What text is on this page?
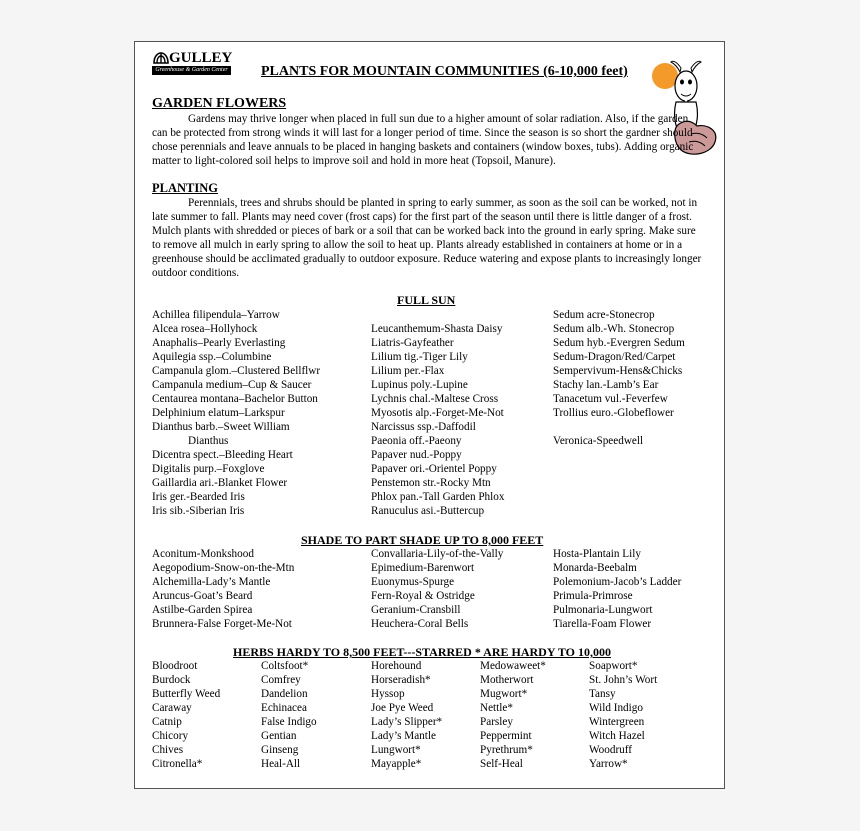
GULLEY
Greenhouse & Garden Center PLANTS FOR MOUNTAIN COMMUNITIES (6-10,000 feet)
GARDEN FLOWERS

Gardens may thrive longer when placed in full sun due to a higher amount of solar radiation. Also, if the garden can be protected from strong winds it will last for a longer period of time. Since the season is so short the gardner should chose perennials and leave annuals to be placed in hanging baskets and containers (window boxes, tubs). Adding organic matter to light-colored soil helps to improve soil and hold in more heat (Topsoil, Manure).

PLANTING

Perennials, trees and shrubs should be planted in spring to early summer, as soon as the soil can be worked, not in late summer to fall. Plants may need cover (frost caps) for the first part of the season until there is little danger of a frost. Mulch plants with shredded or pieces of bark or a soil that can be worked back into the ground in early spring. Make sure to remove all mulch in early spring to allow the soil to heat up. Plants already established in containers at home or in a greenhouse should be acclimated gradually to outdoor exposure. Reduce watering and expose plants to increasingly longer outdoor conditions.

FULL SUN
Achillea filipendula–Yarrow
Alcea rosea–Hollyhock
Anaphalis–Pearly Everlasting
Aquilegia ssp.–Columbine
Campanula glom.–Clustered Bellflwr
Campanula medium–Cup & Saucer
Centaurea montana–Bachelor Button
Delphinium elatum–Larkspur
Dianthus barb.–Sweet William
Dianthus
Dicentra spect.–Bleeding Heart
Digitalis purp.–Foxglove
Gaillardia ari.-Blanket Flower
Iris ger.-Bearded Iris
Iris sib.-Siberian Iris
Leucanthemum-Shasta Daisy
Liatris-Gayfeather
Lilium tig.-Tiger Lily
Lilium per.-Flax
Lupinus poly.-Lupine
Lychnis chal.-Maltese Cross
Myosotis alp.-Forget-Me-Not
Narcissus ssp.-Daffodil
Paeonia off.-Paeony
Papaver nud.-Poppy
Papaver ori.-Orientel Poppy
Penstemon str.-Rocky Mtn
Phlox pan.-Tall Garden Phlox
Ranuculus asi.-Buttercup
Sedum acre-Stonecrop
Sedum alb.-Wh. Stonecrop
Sedum hyb.-Evergren Sedum
Sedum-Dragon/Red/Carpet
Sempervivum-Hens&Chicks
Stachy lan.-Lamb’s Ear
Tanacetum vul.-Feverfew
Trollius euro.-Globeflower
Veronica-Speedwell
SHADE TO PART SHADE UP TO 8,000 FEET
Aconitum-Monkshood
Aegopodium-Snow-on-the-Mtn
Alchemilla-Lady’s Mantle
Aruncus-Goat’s Beard
Astilbe-Garden Spirea
Brunnera-False Forget-Me-Not
Convallaria-Lily-of-the-Vally
Epimedium-Barenwort
Euonymus-Spurge
Fern-Royal & Ostridge
Geranium-Cransbill
Heuchera-Coral Bells
Hosta-Plantain Lily
Monarda-Beebalm
Polemonium-Jacob’s Ladder
Primula-Primrose
Pulmonaria-Lungwort
Tiarella-Foam Flower
HERBS HARDY TO 8,500 FEET---STARRED * ARE HARDY TO 10,000
Bloodroot
Burdock
Butterfly Weed
Caraway
Catnip
Chicory
Chives
Citronella*
Coltsfoot*
Comfrey
Dandelion
Echinacea
False Indigo
Gentian
Ginseng
Heal-All
Horehound
Horseradish*
Hyssop
Joe Pye Weed
Lady’s Slipper*
Lady’s Mantle
Lungwort*
Mayapple*
Medowaweet*
Motherwort
Mugwort*
Nettle*
Parsley
Peppermint
Pyrethrum*
Self-Heal
Soapwort*
St. John’s Wort
Tansy
Wild Indigo
Wintergreen
Witch Hazel
Woodruff
Yarrow*
